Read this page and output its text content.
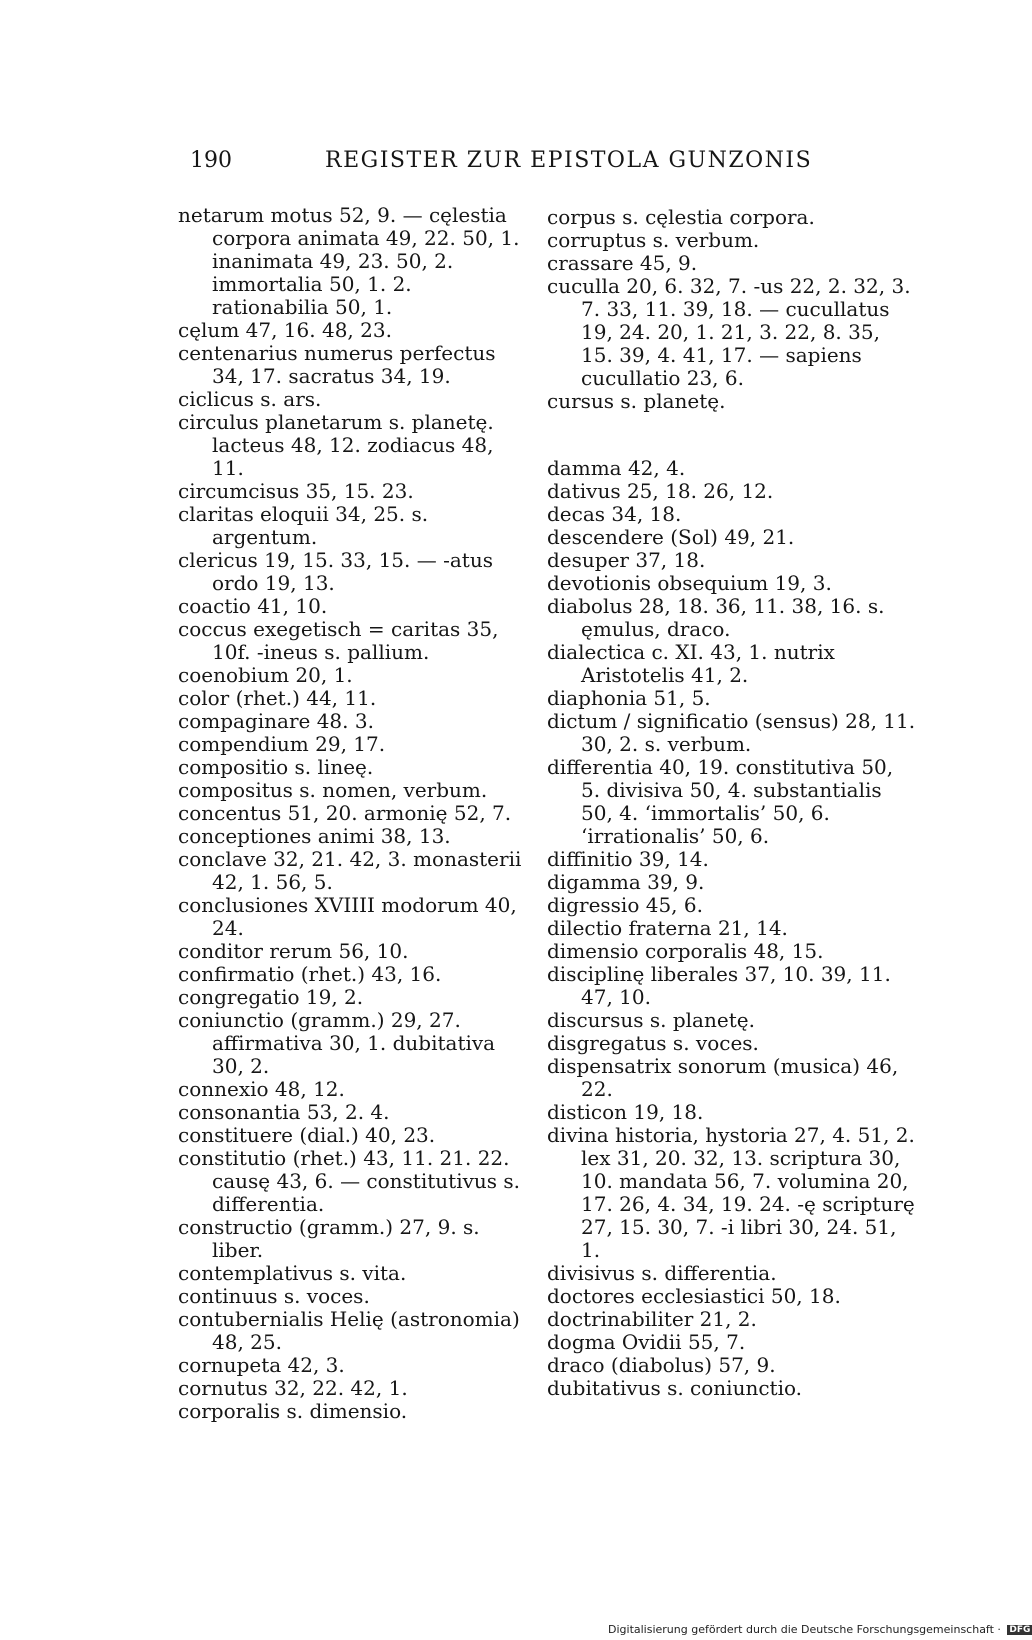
190	REGISTER ZUR EPISTOLA GUNZONIS
netarum motus 52, 9. — cęlestia corpora animata 49, 22. 50, 1. inanimata 49, 23. 50, 2. immortalia 50, 1. 2. rationabilia 50, 1.
cęlum 47, 16. 48, 23.
centenarius numerus perfectus 34, 17. sacratus 34, 19.
ciclicus s. ars.
circulus planetarum s. planetę. lacteus 48, 12. zodiacus 48, 11.
circumcisus 35, 15. 23.
claritas eloquii 34, 25. s. argentum.
clericus 19, 15. 33, 15. — -atus ordo 19, 13.
coactio 41, 10.
coccus exegetisch = caritas 35, 10f. -ineus s. pallium.
coenobium 20, 1.
color (rhet.) 44, 11.
compaginare 48. 3.
compendium 29, 17.
compositio s. lineę.
compositus s. nomen, verbum.
concentus 51, 20. armonię 52, 7.
conceptiones animi 38, 13.
conclave 32, 21. 42, 3. monasterii 42, 1. 56, 5.
conclusiones XVIIII modorum 40, 24.
conditor rerum 56, 10.
confirmatio (rhet.) 43, 16.
congregatio 19, 2.
coniunctio (gramm.) 29, 27. affirmativa 30, 1. dubitativa 30, 2.
connexio 48, 12.
consonantia 53, 2. 4.
constituere (dial.) 40, 23.
constitutio (rhet.) 43, 11. 21. 22. causę 43, 6. — constitutivus s. differentia.
constructio (gramm.) 27, 9. s. liber.
contemplativus s. vita.
continuus s. voces.
contubernialis Helię (astronomia) 48, 25.
cornupeta 42, 3.
cornutus 32, 22. 42, 1.
corporalis s. dimensio.
corpus s. cęlestia corpora.
corruptus s. verbum.
crassare 45, 9.
cuculla 20, 6. 32, 7. -us 22, 2. 32, 3. 7. 33, 11. 39, 18. — cucullatus 19, 24. 20, 1. 21, 3. 22, 8. 35, 15. 39, 4. 41, 17. — sapiens cucullatio 23, 6.
cursus s. planetę.
damma 42, 4.
dativus 25, 18. 26, 12.
decas 34, 18.
descendere (Sol) 49, 21.
desuper 37, 18.
devotionis obsequium 19, 3.
diabolus 28, 18. 36, 11. 38, 16. s. ęmulus, draco.
dialectica c. XI. 43, 1. nutrix Aristotelis 41, 2.
diaphonia 51, 5.
dictum / significatio (sensus) 28, 11. 30, 2. s. verbum.
differentia 40, 19. constitutiva 50, 5. divisiva 50, 4. substantialis 50, 4. ‘immortalis’ 50, 6. ‘irrationalis’ 50, 6.
diffinitio 39, 14.
digamma 39, 9.
digressio 45, 6.
dilectio fraterna 21, 14.
dimensio corporalis 48, 15.
disciplinę liberales 37, 10. 39, 11. 47, 10.
discursus s. planetę.
disgregatus s. voces.
dispensatrix sonorum (musica) 46, 22.
disticon 19, 18.
divina historia, hystoria 27, 4. 51, 2. lex 31, 20. 32, 13. scriptura 30, 10. mandata 56, 7. volumina 20, 17. 26, 4. 34, 19. 24. -ę scripturę 27, 15. 30, 7. -i libri 30, 24. 51, 1.
divisivus s. differentia.
doctores ecclesiastici 50, 18.
doctrinabiliter 21, 2.
dogma Ovidii 55, 7.
draco (diabolus) 57, 9.
dubitativus s. coniunctio.
Digitalisierung gefördert durch die Deutsche Forschungsgemeinschaft · DFG
